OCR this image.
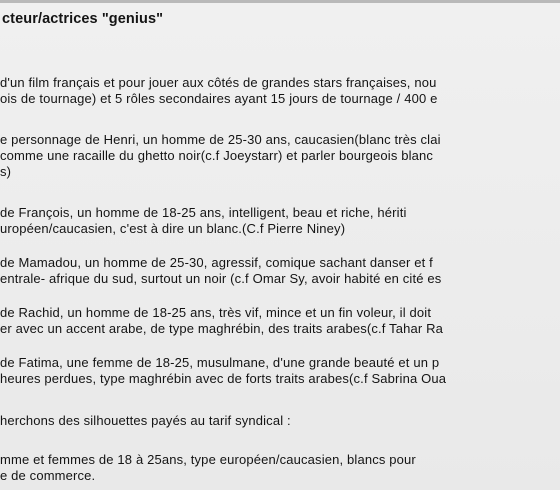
cteur/actrices "genius"
d'un film français et pour jouer aux côtés de grandes stars françaises, nou
ois de tournage) et 5 rôles secondaires ayant 15 jours de tournage / 400 e
e personnage de Henri, un homme de 25-30 ans, caucasien(blanc très clai
comme une racaille du ghetto noir(c.f Joeystarr) et parler bourgeois blanc
s)
de François, un homme de 18-25 ans, intelligent, beau et riche, hériti
uropéen/caucasien, c'est à dire un blanc.(C.f Pierre Niney)
de Mamadou, un homme de 25-30, agressif, comique sachant danser et f
entrale- afrique du sud, surtout un noir (c.f Omar Sy, avoir habité en cité es
de Rachid, un homme de 18-25 ans, très vif, mince et un fin voleur, il doit
er avec un accent arabe, de type maghrébin, des traits arabes(c.f Tahar Ra
de Fatima, une femme de 18-25, musulmane, d'une grande beauté et un p
heures perdues, type maghrébin avec de forts traits arabes(c.f Sabrina Oua
herchons des silhouettes payés au tarif syndical :
mme et femmes de 18 à 25ans, type européen/caucasien, blancs pour
e de commerce.
